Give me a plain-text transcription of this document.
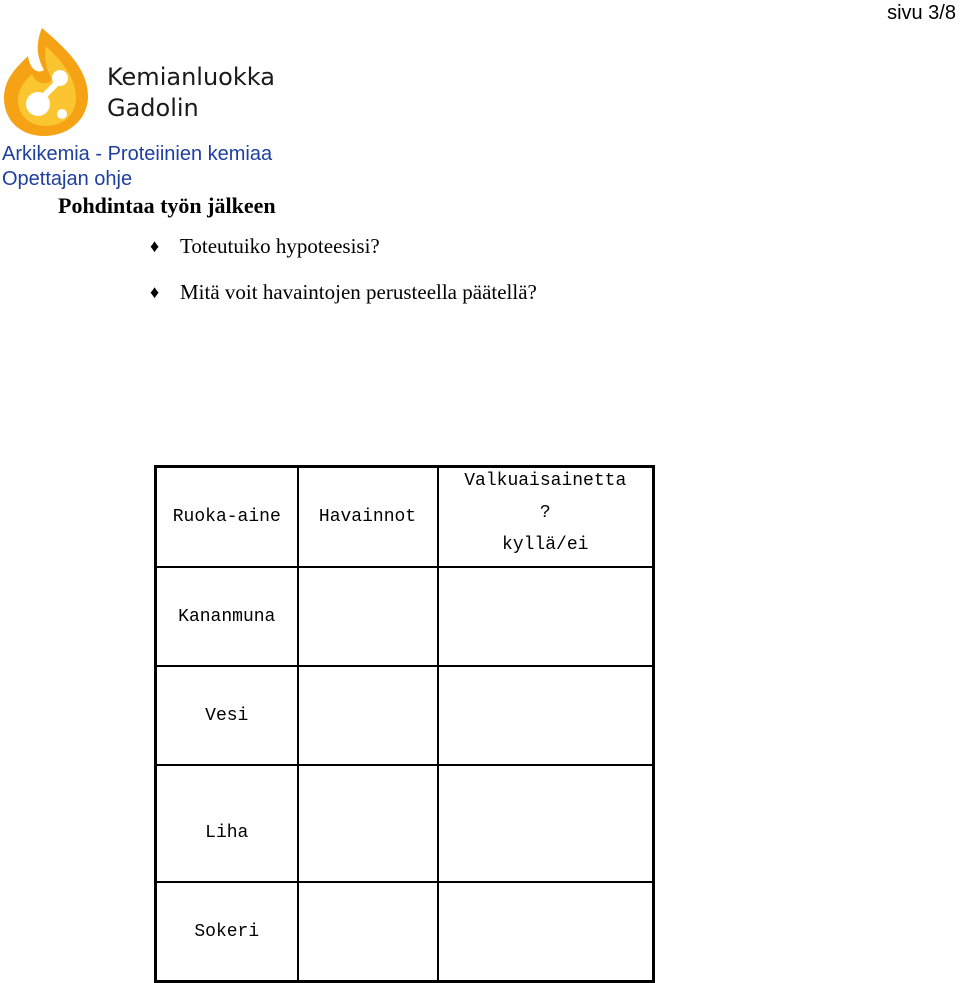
sivu 3/8
Kemianluokka
Gadolin
Arkikemia - Proteiinien kemiaa
Opettajan ohje
Pohdintaa työn jälkeen
♦ Toteutuiko hypoteesisi?
♦ Mitä voit havaintojen perusteella päätellä?
Ruoka-aine	Havainnot	Valkuaisainetta
?
kyllä/ei

Kananmuna		
Vesi		
Liha		
Sokeri		
